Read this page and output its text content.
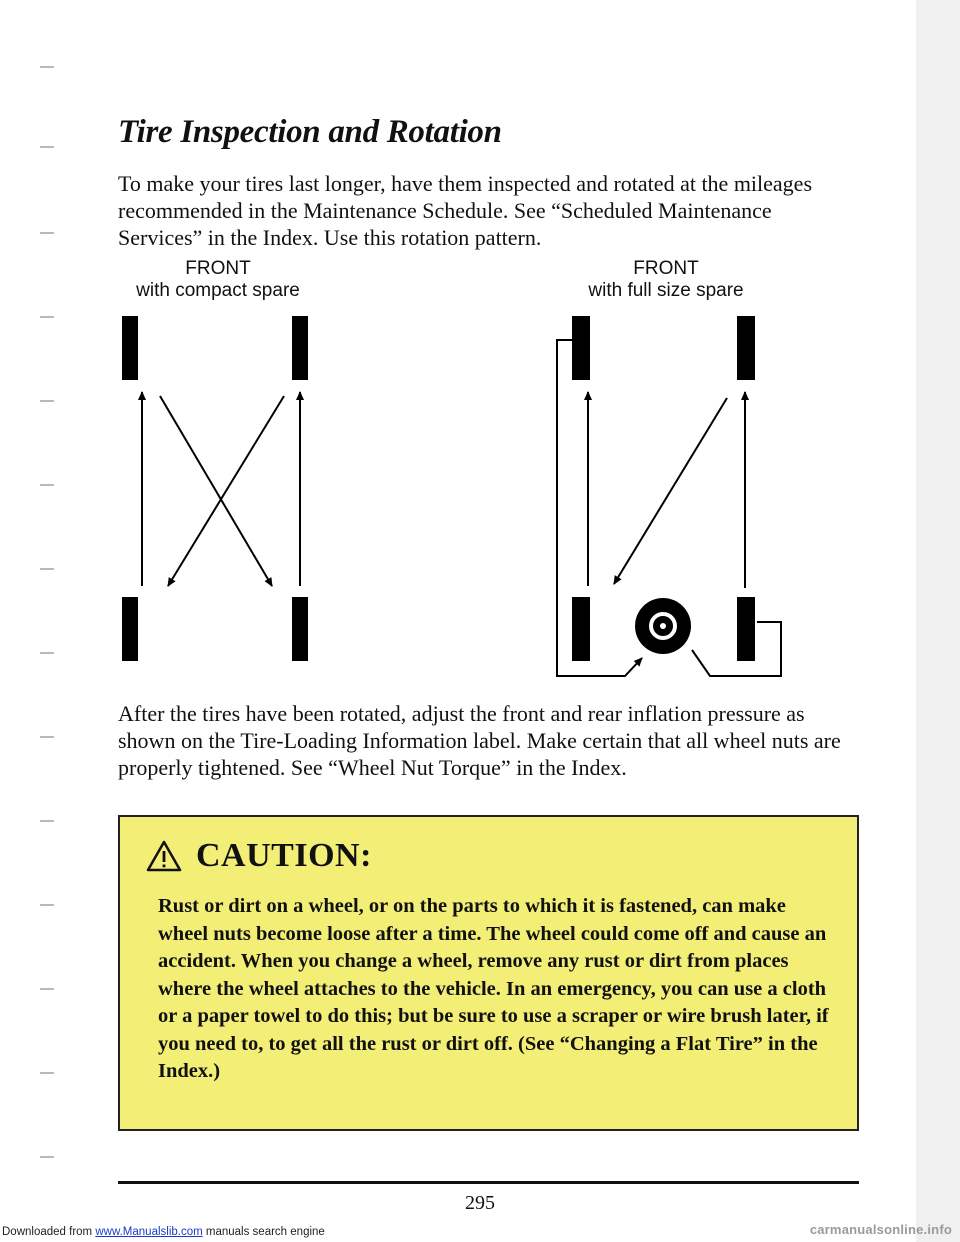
Tire Inspection and Rotation

To make your tires last longer, have them inspected and rotated at the mileages recommended in the Maintenance Schedule. See “Scheduled Maintenance Services” in the Index. Use this rotation pattern.

FRONT
with compact spare
FRONT
with full size spare

After the tires have been rotated, adjust the front and rear inflation pressure as shown on the Tire-Loading Information label. Make certain that all wheel nuts are properly tightened. See “Wheel Nut Torque” in the Index.

CAUTION:

Rust or dirt on a wheel, or on the parts to which it is fastened, can make wheel nuts become loose after a time. The wheel could come off and cause an accident. When you change a wheel, remove any rust or dirt from places where the wheel attaches to the vehicle. In an emergency, you can use a cloth or a paper towel to do this; but be sure to use a scraper or wire brush later, if you need to, to get all the rust or dirt off. (See “Changing a Flat Tire” in the Index.)

295
Downloaded from www.Manualslib.com manuals search engine	carmanualsonline.info
